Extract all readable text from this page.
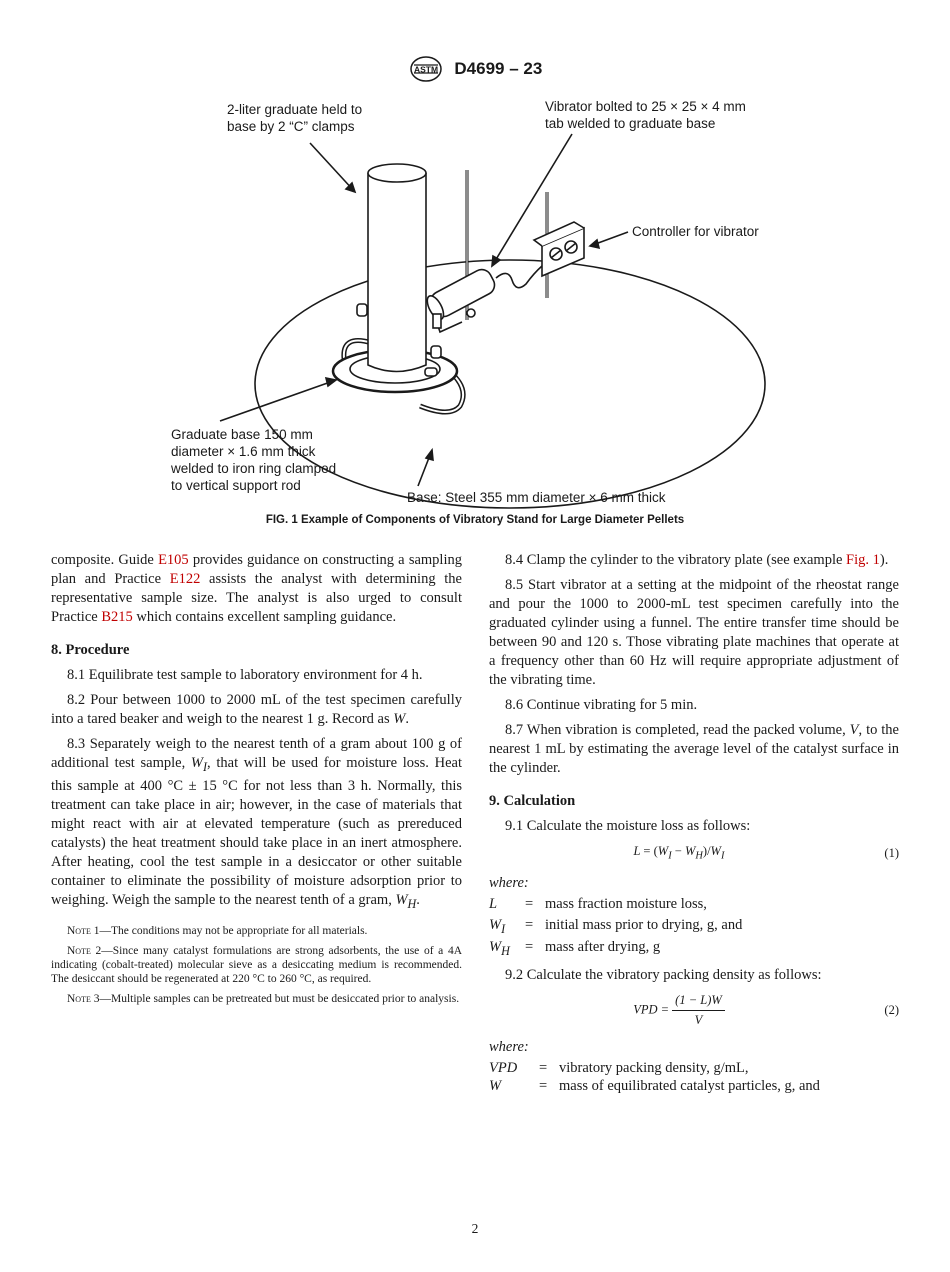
ASTM D4699 – 23
2-liter graduate held to
base by 2 “C” clamps
Vibrator bolted to 25 × 25 × 4 mm
tab welded to graduate base
Controller for vibrator
Graduate base 150 mm
diameter × 1.6 mm thick
welded to iron ring clamped
to vertical support rod
Base: Steel 355 mm diameter × 6 mm thick
FIG. 1 Example of Components of Vibratory Stand for Large Diameter Pellets

composite. Guide E105 provides guidance on constructing a sampling plan and Practice E122 assists the analyst with determining the representative sample size. The analyst is also urged to consult Practice B215 which contains excellent sampling guidance.

8. Procedure

8.1 Equilibrate test sample to laboratory environment for 4 h.

8.2 Pour between 1000 to 2000 mL of the test specimen carefully into a tared beaker and weigh to the nearest 1 g. Record as W.

8.3 Separately weigh to the nearest tenth of a gram about 100 g of additional test sample, $W_I$, that will be used for moisture loss. Heat this sample at 400 °C ± 15 °C for not less than 3 h. Normally, this treatment can take place in air; however, in the case of materials that might react with air at elevated temperature (such as prereduced catalysts) the heat treatment should take place in an inert atmosphere. After heating, cool the test sample in a desiccator or other suitable container to eliminate the possibility of moisture adsorption prior to weighing. Weigh the sample to the nearest tenth of a gram, $W_H$.

Note 1—The conditions may not be appropriate for all materials.

Note 2—Since many catalyst formulations are strong adsorbents, the use of a 4A indicating (cobalt-treated) molecular sieve as a desiccating medium is recommended. The desiccant should be regenerated at 220 °C to 260 °C, as required.

Note 3—Multiple samples can be pretreated but must be desiccated prior to analysis.

8.4 Clamp the cylinder to the vibratory plate (see example Fig. 1).

8.5 Start vibrator at a setting at the midpoint of the rheostat range and pour the 1000 to 2000-mL test specimen carefully into the graduated cylinder using a funnel. The entire transfer time should be between 90 and 120 s. Those vibrating plate machines that operate at a frequency other than 60 Hz will require appropriate adjustment of the vibrating time.

8.6 Continue vibrating for 5 min.

8.7 When vibration is completed, read the packed volume, V, to the nearest 1 mL by estimating the average level of the catalyst surface in the cylinder.

9. Calculation

9.1 Calculate the moisture loss as follows:

$L = (W_I - W_H)/W_I$	(1)
where:
L	= mass fraction moisture loss,
$W_I$	= initial mass prior to drying, g, and
$W_H$	= mass after drying, g

9.2 Calculate the vibratory packing density as follows:

VPD = $\frac{(1 - L)W}{V}$	(2)
where:
VPD	= vibratory packing density, g/mL,
W	= mass of equilibrated catalyst particles, g, and
2
